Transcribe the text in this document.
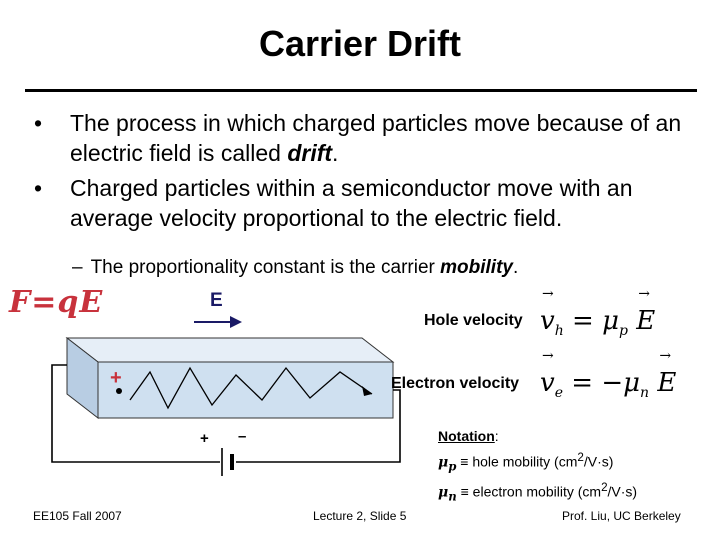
Carrier Drift
• The process in which charged particles move because of an electric field is called drift.
• Charged particles within a semiconductor move with an average velocity proportional to the electric field.
– The proportionality constant is the carrier mobility.
F=qE	E
+
+ –
Hole velocity → $v_h = \mu_p \to E$
Electron velocity → $v_e = -\mu_n \to E$
Notation:
$\mu_p$ ≡ hole mobility $(cm^2/V\cdot s)$
$\mu_n$ ≡ electron mobility $(cm^2/V\cdot s)$
EE105 Fall 2007	Lecture 2, Slide 5	Prof. Liu, UC Berkeley
